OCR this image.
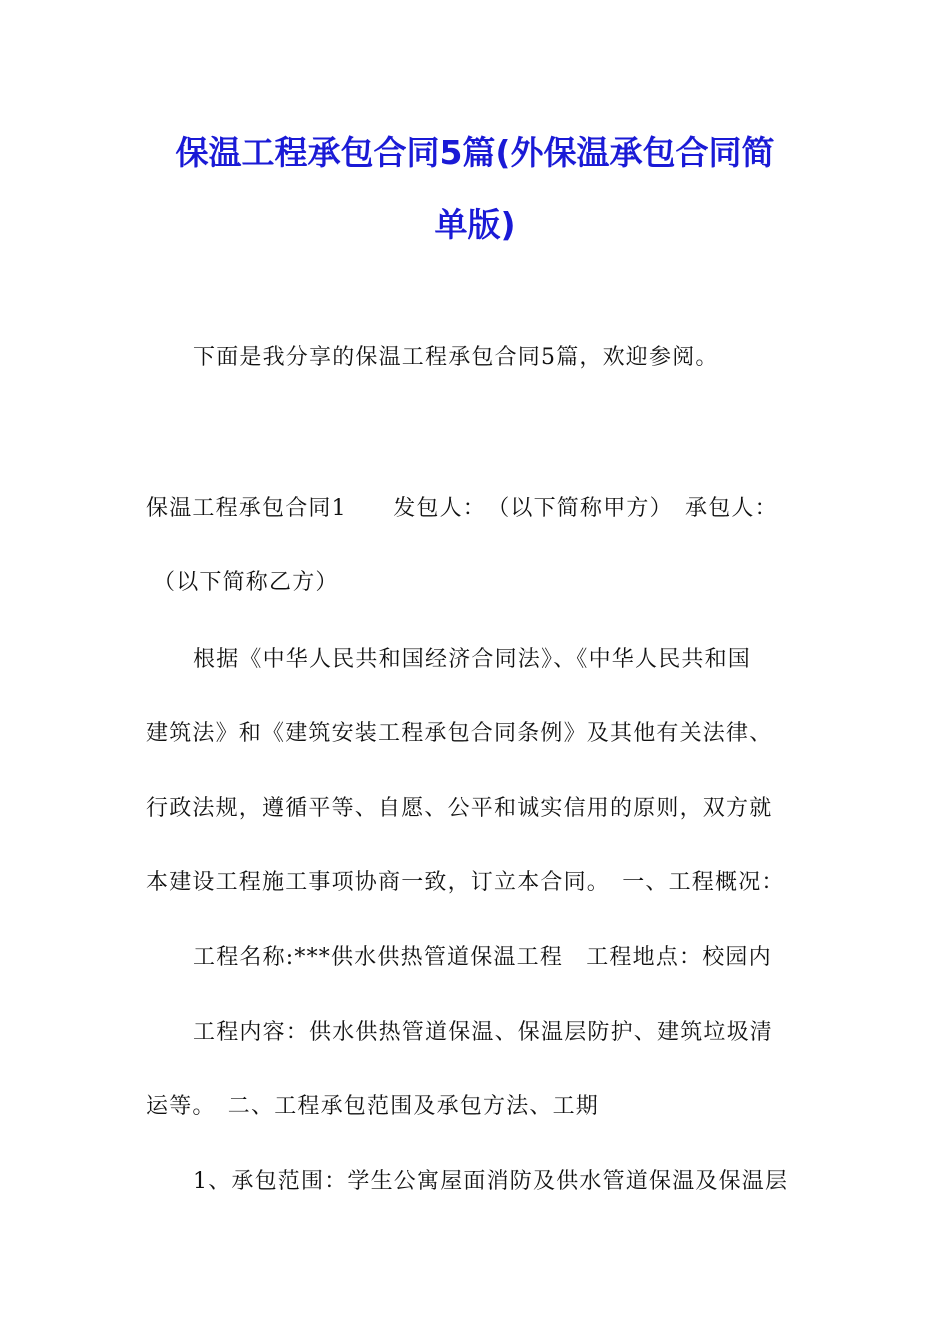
保温工程承包合同5篇(外保温承包合同简
单版)
下面是我分享的保温工程承包合同5篇，欢迎参阅。
保温工程承包合同1　　发包人：　（以下简称甲方）　承包人：
（以下简称乙方）
根据《中华人民共和国经济合同法》、《中华人民共和国
建筑法》和《建筑安装工程承包合同条例》及其他有关法律、
行政法规，遵循平等、自愿、公平和诚实信用的原则，双方就
本建设工程施工事项协商一致，订立本合同。　一、工程概况：
工程名称:***供水供热管道保温工程　工程地点：校园内
工程内容：供水供热管道保温、保温层防护、建筑垃圾清
运等。　二、工程承包范围及承包方法、工期
1、承包范围：学生公寓屋面消防及供水管道保温及保温层
